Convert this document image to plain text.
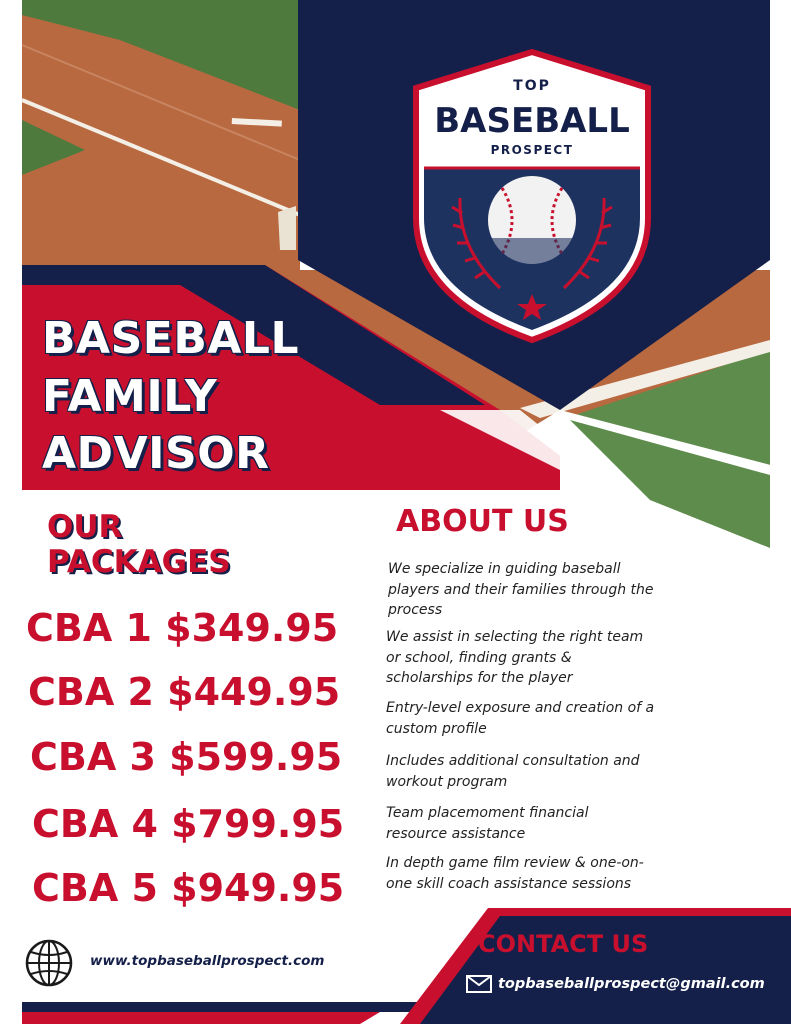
TOP
BASEBALL
PROSPECT
BASEBALL
FAMILY
ADVISOR
OUR
PACKAGES
CBA 1 $349.95
CBA 2 $449.95
CBA 3 $599.95
CBA 4 $799.95
CBA 5 $949.95
ABOUT US
We specialize in guiding baseball
players and their families through the
process
We assist in selecting the right team
or school, finding grants &
scholarships for the player
Entry-level exposure and creation of a
custom profile
Includes additional consultation and
workout program
Team placemoment financial
resource assistance
In depth game film review & one-on-
one skill coach assistance sessions
CONTACT US
topbaseballprospect@gmail.com
www.topbaseballprospect.com
